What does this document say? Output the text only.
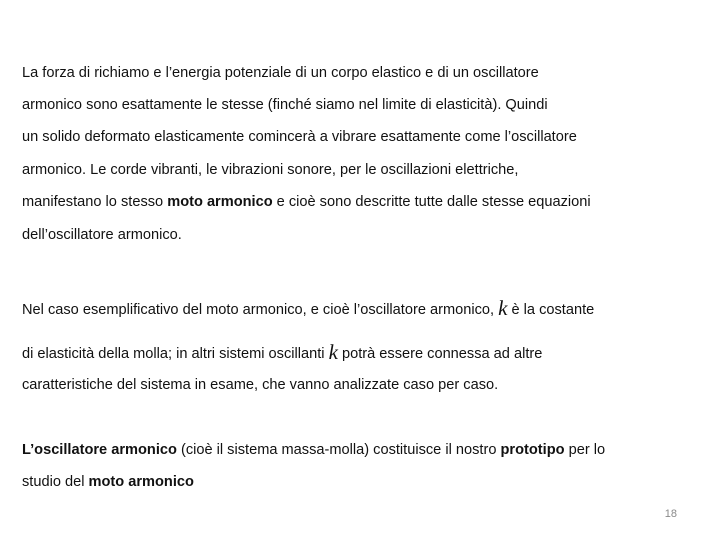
La forza di richiamo e l’energia potenziale di un corpo elastico e di un oscillatore
armonico sono esattamente le stesse (finché siamo nel limite di elasticità). Quindi
un solido deformato elasticamente comincerà a vibrare esattamente come l’oscillatore
armonico. Le corde vibranti, le vibrazioni sonore, per le oscillazioni elettriche,
manifestano lo stesso moto armonico e cioè sono descritte tutte dalle stesse equazioni
dell’oscillatore armonico.
Nel caso esemplificativo del moto armonico, e cioè l’oscillatore armonico, k è la costante
di elasticità della molla; in altri sistemi oscillanti k potrà essere connessa ad altre
caratteristiche del sistema in esame, che vanno analizzate caso per caso.
L’oscillatore armonico (cioè il sistema massa-molla) costituisce il nostro prototipo per lo
studio del moto armonico
18
